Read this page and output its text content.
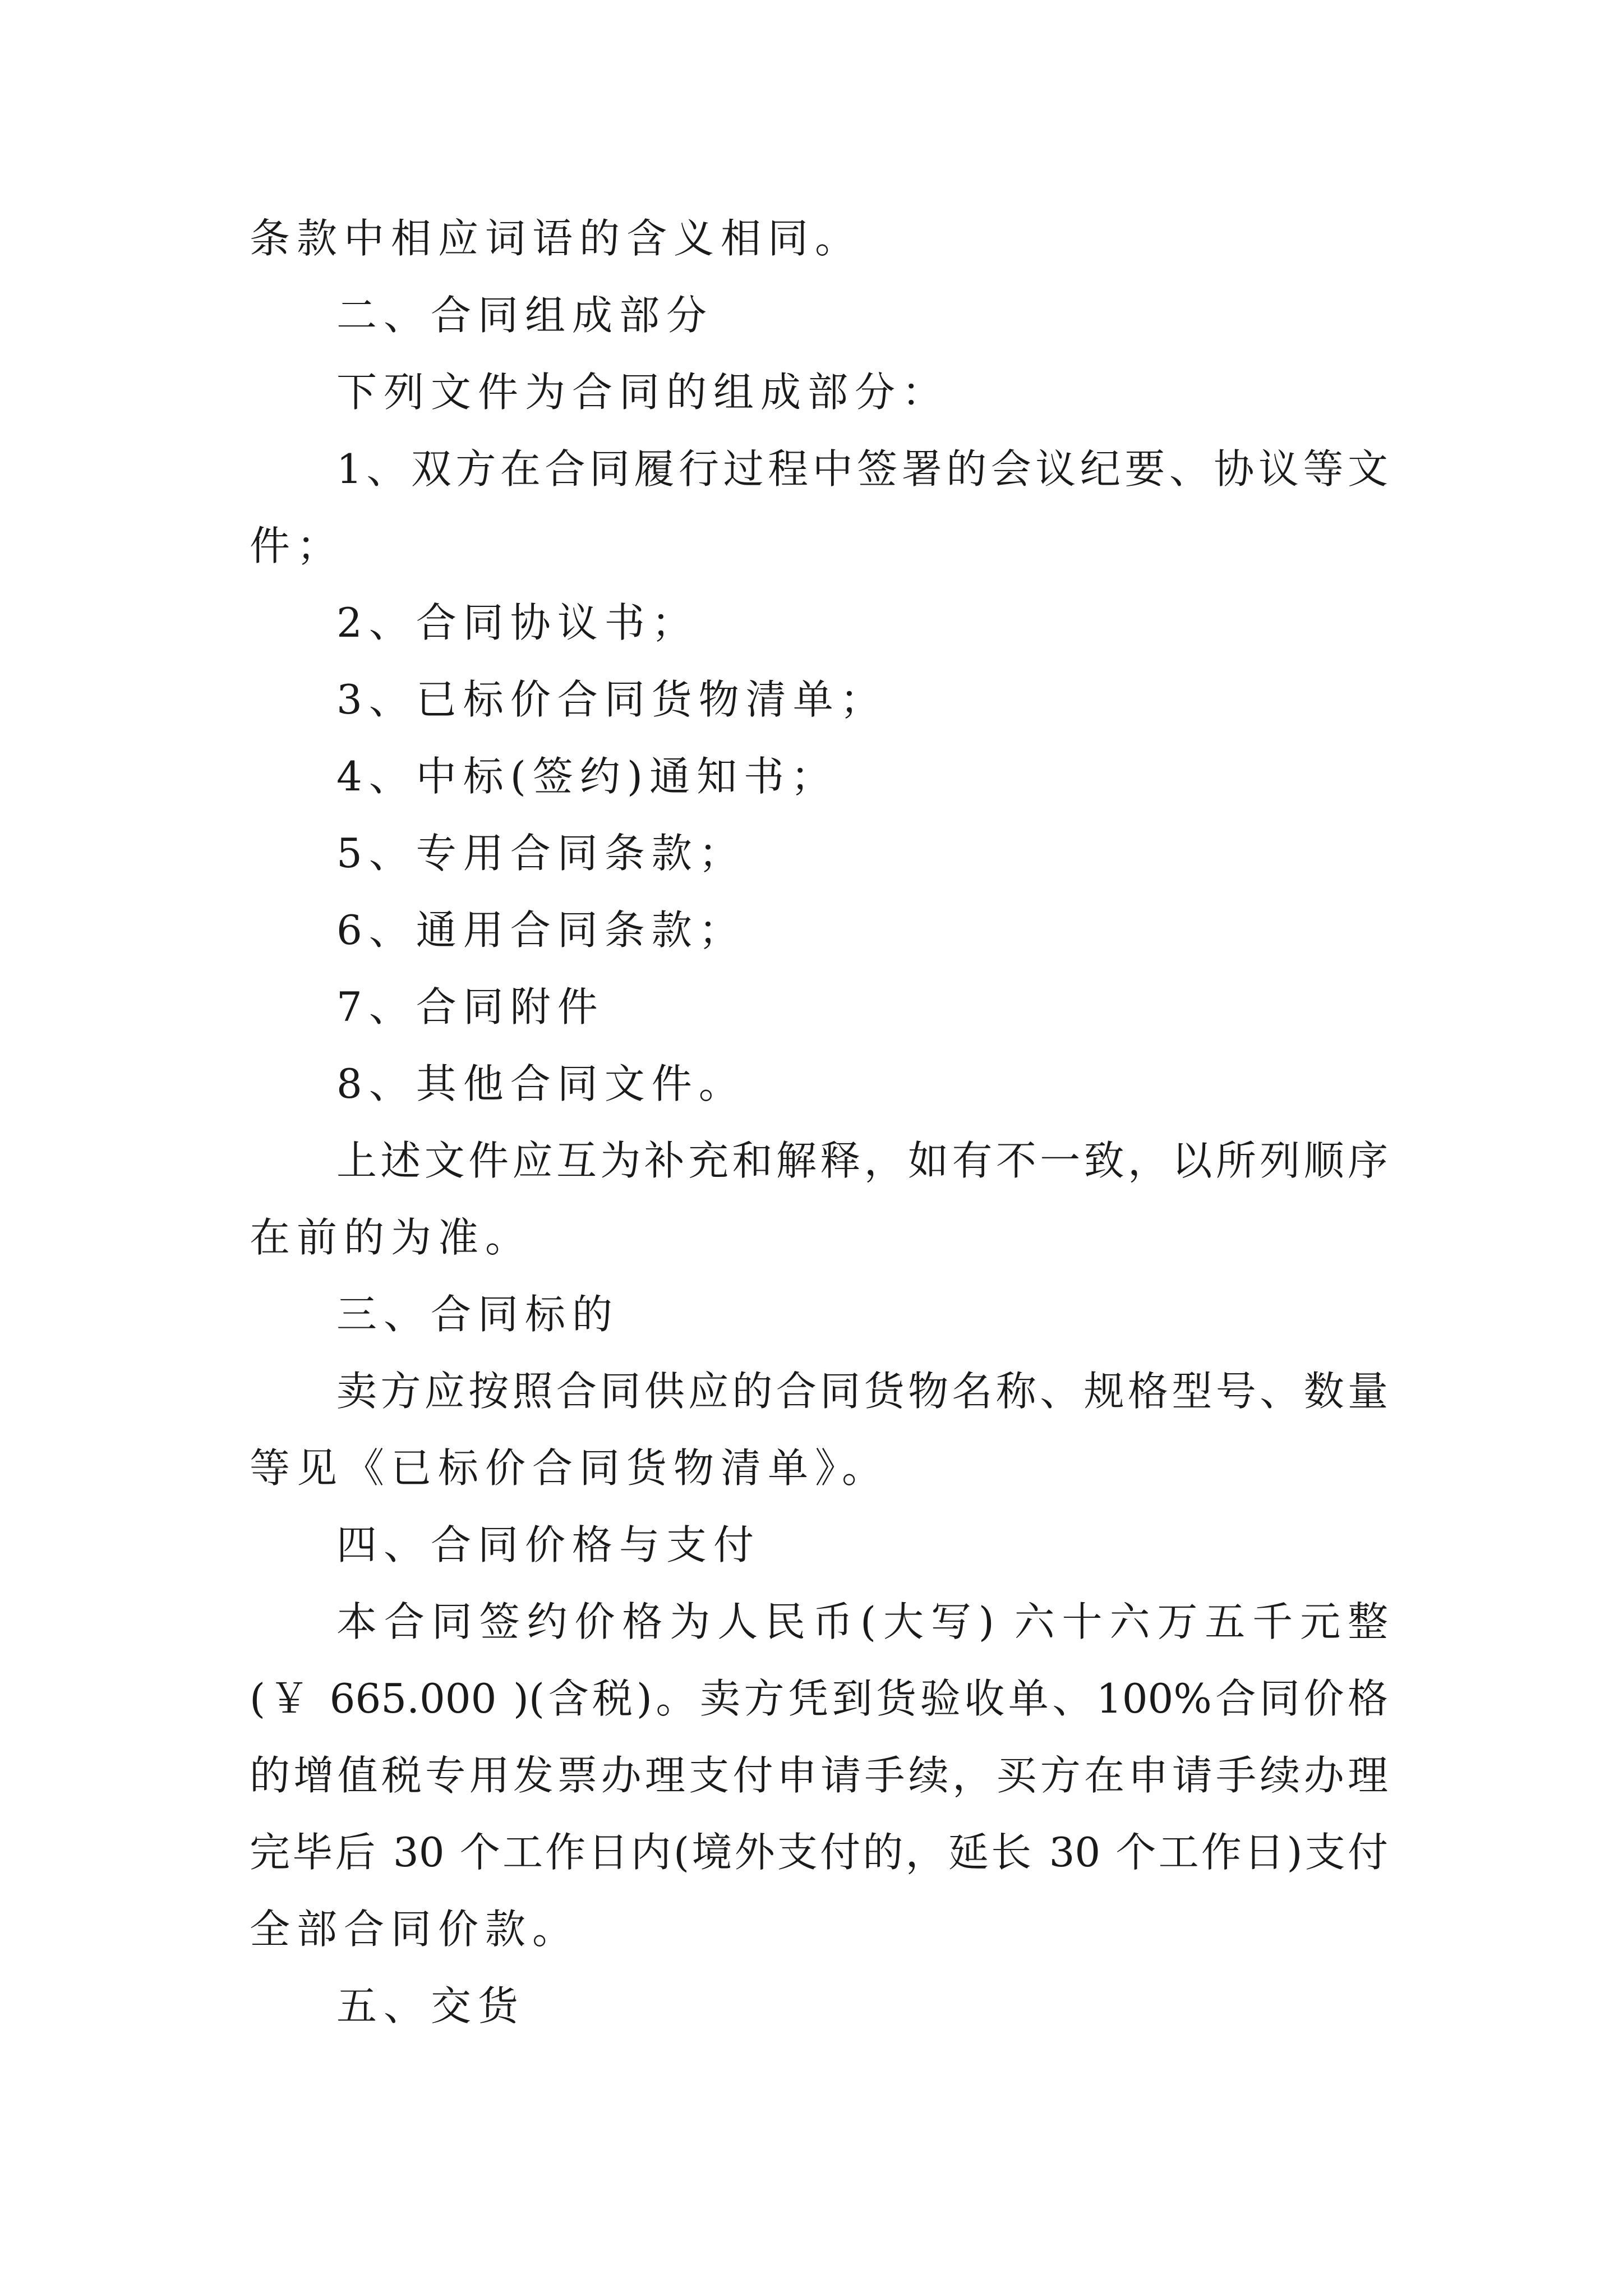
条款中相应词语的含义相同。
二、合同组成部分
下列文件为合同的组成部分：
1、双方在合同履行过程中签署的会议纪要、协议等文
件；
2、合同协议书；
3、已标价合同货物清单；
4、中标(签约)通知书；
5、专用合同条款；
6、通用合同条款；
7、合同附件
8、其他合同文件。
上述文件应互为补充和解释，如有不一致，以所列顺序
在前的为准。
三、合同标的
卖方应按照合同供应的合同货物名称、规格型号、数量
等见《已标价合同货物清单》。
四、合同价格与支付
本合同签约价格为人民币(大写) 六十六万五千元整
(￥ 665.000 )(含税)。卖方凭到货验收单、100%合同价格
的增值税专用发票办理支付申请手续，买方在申请手续办理
完毕后 30 个工作日内(境外支付的，延长 30 个工作日)支付
全部合同价款。
五、交货
